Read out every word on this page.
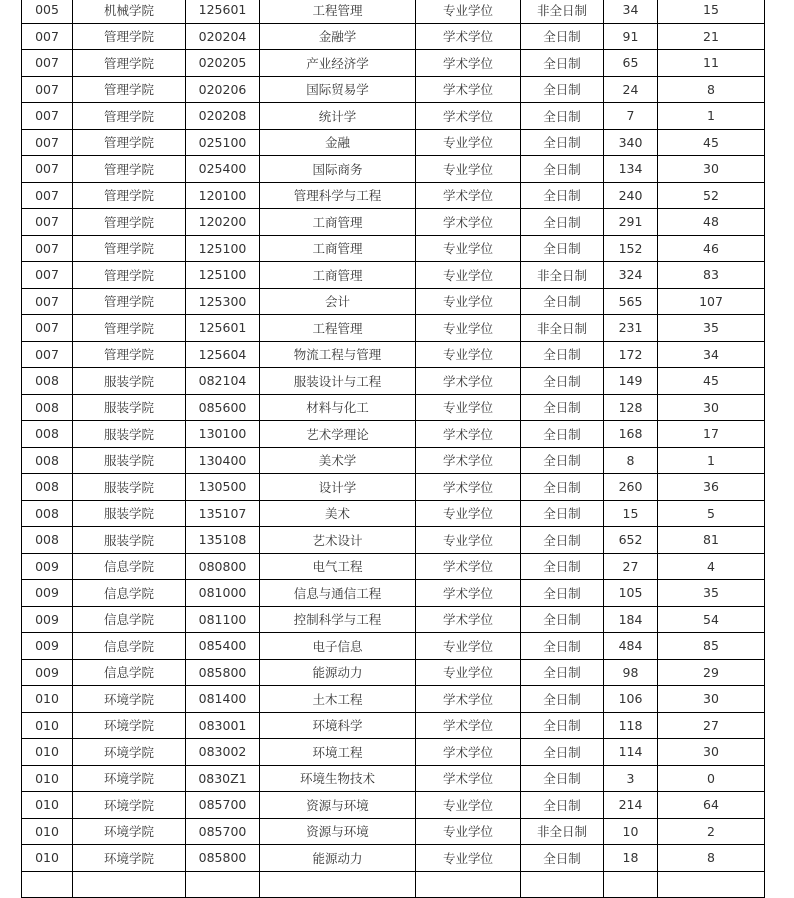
005	机械学院	125601	工程管理	专业学位	非全日制	34	15
007	管理学院	020204	金融学	学术学位	全日制	91	21
007	管理学院	020205	产业经济学	学术学位	全日制	65	11
007	管理学院	020206	国际贸易学	学术学位	全日制	24	8
007	管理学院	020208	统计学	学术学位	全日制	7	1
007	管理学院	025100	金融	专业学位	全日制	340	45
007	管理学院	025400	国际商务	专业学位	全日制	134	30
007	管理学院	120100	管理科学与工程	学术学位	全日制	240	52
007	管理学院	120200	工商管理	学术学位	全日制	291	48
007	管理学院	125100	工商管理	专业学位	全日制	152	46
007	管理学院	125100	工商管理	专业学位	非全日制	324	83
007	管理学院	125300	会计	专业学位	全日制	565	107
007	管理学院	125601	工程管理	专业学位	非全日制	231	35
007	管理学院	125604	物流工程与管理	专业学位	全日制	172	34
008	服装学院	082104	服装设计与工程	学术学位	全日制	149	45
008	服装学院	085600	材料与化工	专业学位	全日制	128	30
008	服装学院	130100	艺术学理论	学术学位	全日制	168	17
008	服装学院	130400	美术学	学术学位	全日制	8	1
008	服装学院	130500	设计学	学术学位	全日制	260	36
008	服装学院	135107	美术	专业学位	全日制	15	5
008	服装学院	135108	艺术设计	专业学位	全日制	652	81
009	信息学院	080800	电气工程	学术学位	全日制	27	4
009	信息学院	081000	信息与通信工程	学术学位	全日制	105	35
009	信息学院	081100	控制科学与工程	学术学位	全日制	184	54
009	信息学院	085400	电子信息	专业学位	全日制	484	85
009	信息学院	085800	能源动力	专业学位	全日制	98	29
010	环境学院	081400	土木工程	学术学位	全日制	106	30
010	环境学院	083001	环境科学	学术学位	全日制	118	27
010	环境学院	083002	环境工程	学术学位	全日制	114	30
010	环境学院	0830Z1	环境生物技术	学术学位	全日制	3	0
010	环境学院	085700	资源与环境	专业学位	全日制	214	64
010	环境学院	085700	资源与环境	专业学位	非全日制	10	2
010	环境学院	085800	能源动力	专业学位	全日制	18	8
